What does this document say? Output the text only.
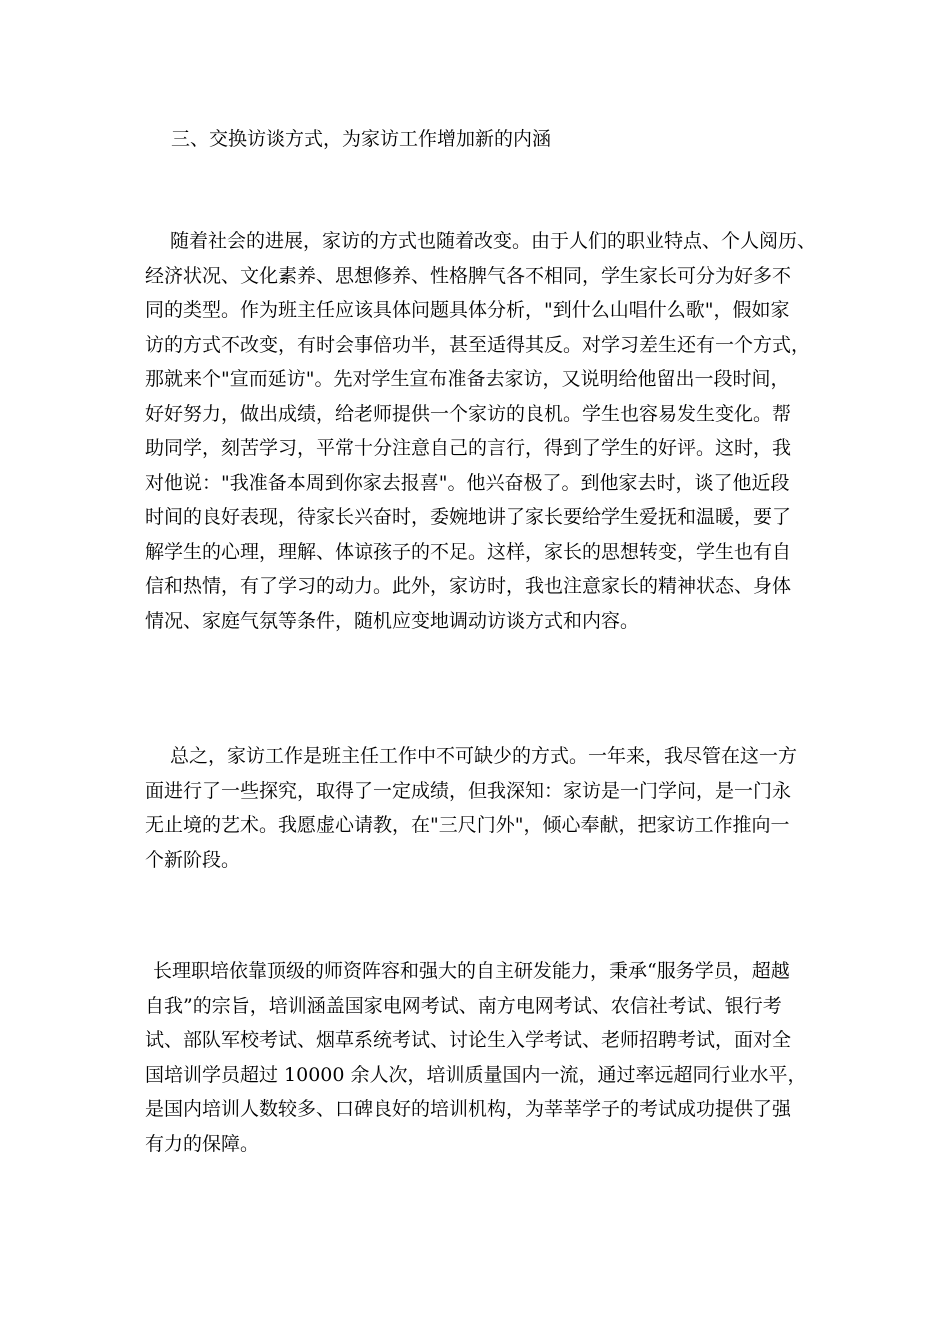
三、交换访谈方式，为家访工作增加新的内涵
随着社会的进展，家访的方式也随着改变。由于人们的职业特点、个人阅历、
经济状况、文化素养、思想修养、性格脾气各不相同，学生家长可分为好多不
同的类型。作为班主任应该具体问题具体分析，"到什么山唱什么歌"，假如家
访的方式不改变，有时会事倍功半，甚至适得其反。对学习差生还有一个方式，
那就来个"宣而延访"。先对学生宣布准备去家访，又说明给他留出一段时间，
好好努力，做出成绩，给老师提供一个家访的良机。学生也容易发生变化。帮
助同学，刻苦学习，平常十分注意自己的言行，得到了学生的好评。这时，我
对他说："我准备本周到你家去报喜"。他兴奋极了。到他家去时，谈了他近段
时间的良好表现，待家长兴奋时，委婉地讲了家长要给学生爱抚和温暖，要了
解学生的心理，理解、体谅孩子的不足。这样，家长的思想转变，学生也有自
信和热情，有了学习的动力。此外，家访时，我也注意家长的精神状态、身体
情况、家庭气氛等条件，随机应变地调动访谈方式和内容。
总之，家访工作是班主任工作中不可缺少的方式。一年来，我尽管在这一方
面进行了一些探究，取得了一定成绩，但我深知：家访是一门学问，是一门永
无止境的艺术。我愿虚心请教，在"三尺门外"，倾心奉献，把家访工作推向一
个新阶段。
长理职培依靠顶级的师资阵容和强大的自主研发能力，秉承“服务学员，超越
自我”的宗旨，培训涵盖国家电网考试、南方电网考试、农信社考试、银行考
试、部队军校考试、烟草系统考试、讨论生入学考试、老师招聘考试，面对全
国培训学员超过 10000 余人次，培训质量国内一流，通过率远超同行业水平，
是国内培训人数较多、口碑良好的培训机构，为莘莘学子的考试成功提供了强
有力的保障。
